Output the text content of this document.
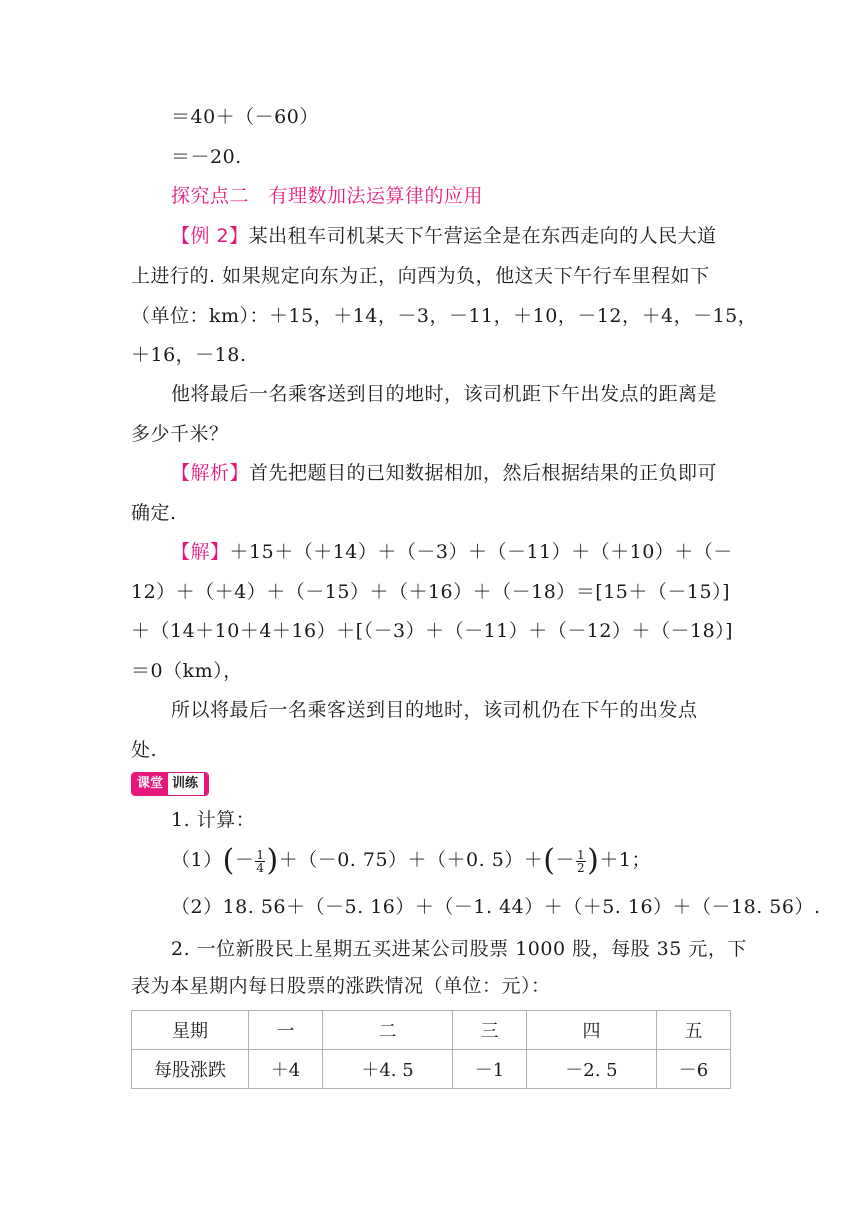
＝40＋（－60）
＝－20.
探究点二　有理数加法运算律的应用
【例 2】某出租车司机某天下午营运全是在东西走向的人民大道
上进行的. 如果规定向东为正，向西为负，他这天下午行车里程如下
（单位：km）：＋15，＋14，－3，－11，＋10，－12，＋4，－15，
＋16，－18.
他将最后一名乘客送到目的地时，该司机距下午出发点的距离是
多少千米？
【解析】首先把题目的已知数据相加，然后根据结果的正负即可
确定.
【解】＋15＋（＋14）＋（－3）＋（－11）＋（＋10）＋（－
12）＋（＋4）＋（－15）＋（＋16）＋（－18）＝[15＋（－15）]
＋（14＋10＋4＋16）＋[（－3）＋（－11）＋（－12）＋（－18）]
＝0（km），
所以将最后一名乘客送到目的地时，该司机仍在下午的出发点
处.
课堂 训练
1. 计算：
$(1)(- \frac{1}{4} )+(-0$. 75）＋（＋0. $5)+(- \frac{1}{2} )+1$；
（2）18. 56＋（－5. 16）＋（－1. 44）＋（＋5. 16）＋（－18. 56）.
2. 一位新股民上星期五买进某公司股票 1000 股，每股 35 元，下
表为本星期内每日股票的涨跌情况（单位：元）：
星期	一	二	三	四	五
每股涨跌	＋4	＋4. 5	－1	－2. 5	－6
